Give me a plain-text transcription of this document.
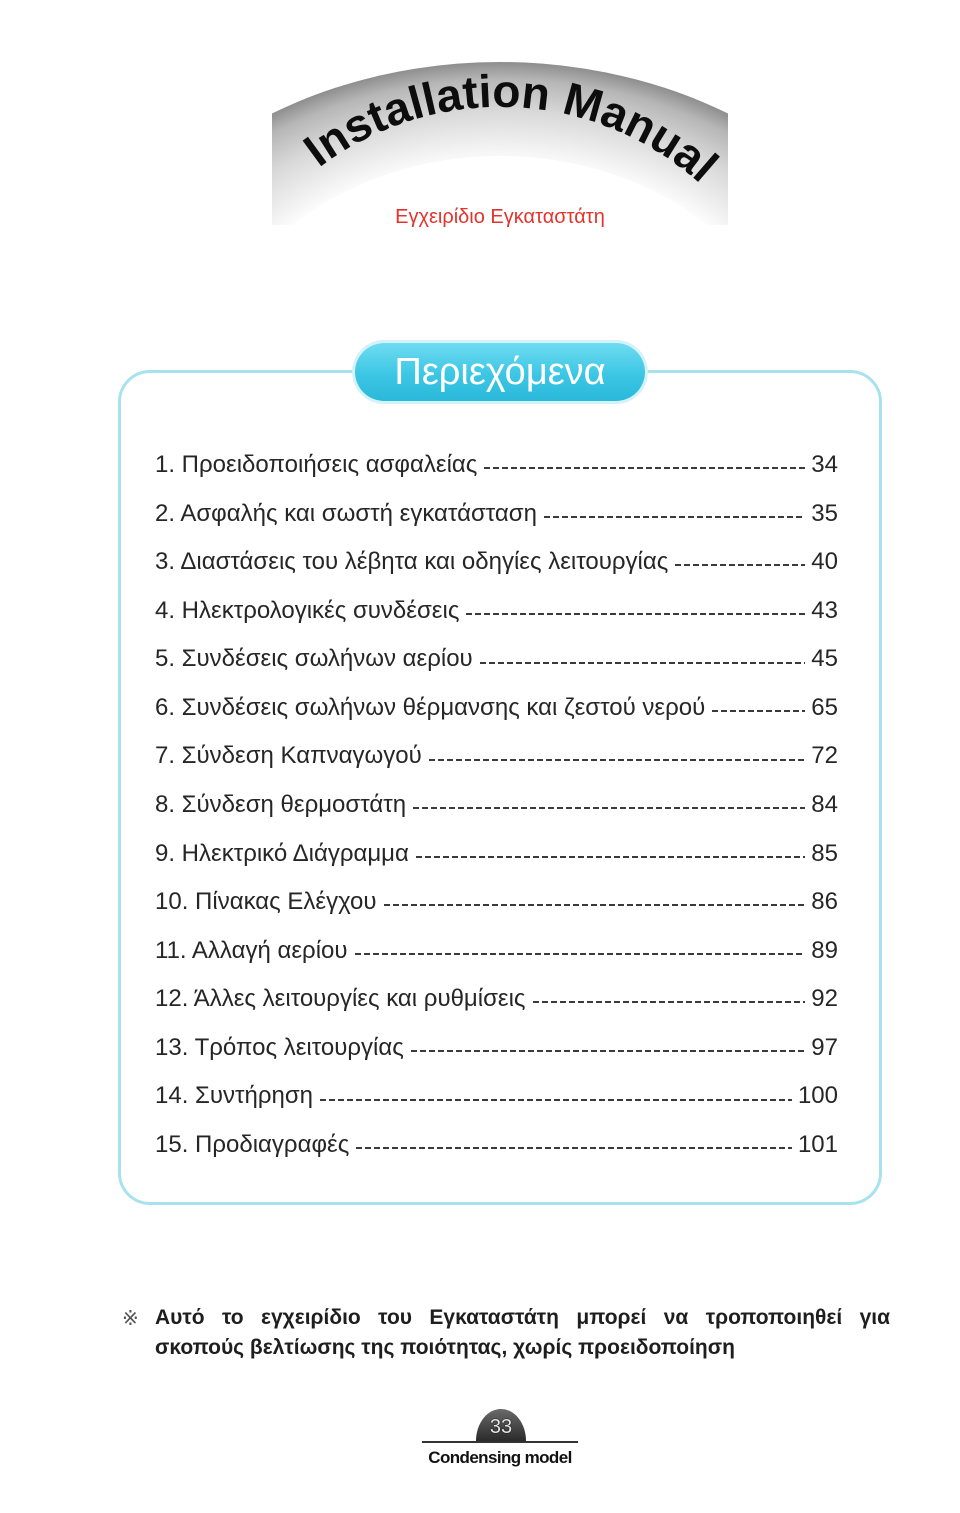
Installation Manual
Εγχειρίδιο Εγκαταστάτη
Περιεχόμενα
1. Προειδοποιήσεις ασφαλείας	34
2. Ασφαλής και σωστή εγκατάσταση	35
3. Διαστάσεις του λέβητα και οδηγίες λειτουργίας	40
4. Ηλεκτρολογικές συνδέσεις	43
5. Συνδέσεις σωλήνων αερίου	45
6. Συνδέσεις σωλήνων θέρμανσης και ζεστού νερού	65
7. Σύνδεση Καπναγωγού	72
8. Σύνδεση θερμοστάτη	84
9. Ηλεκτρικό Διάγραμμα	85
10. Πίνακας Ελέγχου	86
11. Αλλαγή αερίου	89
12. Άλλες λειτουργίες και ρυθμίσεις	92
13. Τρόπος λειτουργίας	97
14. Συντήρηση	100
15. Προδιαγραφές	101
※ Αυτό το εγχειρίδιο του Εγκαταστάτη μπορεί να τροποποιηθεί για
σκοπούς βελτίωσης της ποιότητας, χωρίς προειδοποίηση
33
Condensing model
